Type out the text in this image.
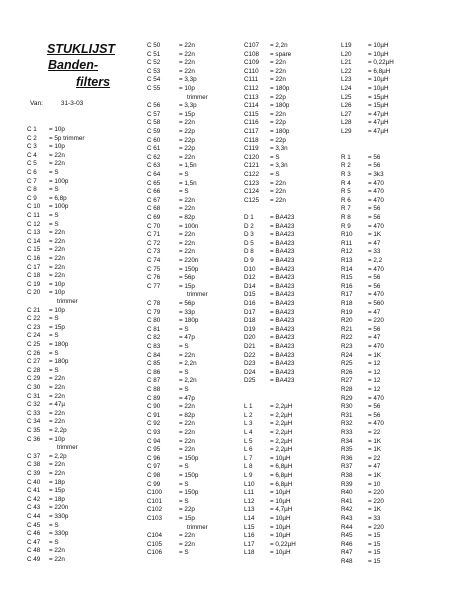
STUKLIJST
Banden-
filters
Van:	31-3-03
C 1 = 10p
C 2 = 5p trimmer
C 3 = 10p
C 4 = 22n
C 5 = 22n
C 6 = S
C 7 = 100p
C 8 = S
C 9 = 6,8p
C 10 = 100p
C 11 = S
C 12 = S
C 13 = 22n
C 14 = 22n
C 15 = 22n
C 16 = 22n
C 17 = 22n
C 18 = 22n
C 19 = 10p
C 20 = 10p
trimmer
C 21 = 10p
C 22 = S
C 23 = 15p
C 24 = S
C 25 = 180p
C 26 = S
C 27 = 180p
C 28 = S
C 29 = 22n
C 30 = 22n
C 31 = 22n
C 32 = 47µ
C 33 = 22n
C 34 = 22n
C 35 = 2,2p
C 36 = 10p
trimmer
C 37 = 2,2p
C 38 = 22n
C 39 = 22n
C 40 = 18p
C 41 = 15p
C 42 = 18p
C 43 = 220n
C 44 = 330p
C 45 = S
C 46 = 330p
C 47 = S
C 48 = 22n
C 49 = 22n
C 50	= 22n
C 51	= 22n
C 52	= 22n
C 53	= 22n
C 54	= 3,3p
C 55	= 10p
trimmer
C 56	= 3,3p
C 57	= 15p
C 58	= 22n
C 59	= 22p
C 60	= 22p
C 61	= 22p
C 62	= 22n
C 63	= 1,5n
C 64	= S
C 65	= 1,5n
C 66	= S
C 67	= 22n
C 68	= 22n
C 69	= 82p
C 70	= 100n
C 71	= 22n
C 72	= 22n
C 73	= 22n
C 74	= 220n
C 75	= 150p
C 76	= 56p
C 77	= 15p
trimmer
C 78	= 56p
C 79	= 33p
C 80	= 180p
C 81	= S
C 82	= 47p
C 83	= S
C 84	= 22n
C 85	= 2,2n
C 86	= S
C 87	= 2,2n
C 88	= S
C 89	= 47p
C 90	= 22n
C 91	= 82p
C 92	= 22n
C 93	= 22n
C 94	= 22n
C 95	= 22n
C 96	= 150p
C 97	= S
C 98	= 150p
C 99	= S
C100	= 150p
C101	= S
C102	= 22p
C103	= 15p
trimmer
C104	= 22n
C105	= 22n
C106	= S
C107 = 2,2n
C108 = spare
C109 = 22n
C110 = 22n
C111 = 22n
C112 = 180p
C113 = 22p
C114 = 180p
C115 = 22n
C116 = 22p
C117 = 180p
C118 = 22p
C119 = 3,3n
C120 = S
C121 = 3,3n
C122 = S
C123 = 22n
C124 = 22n
C125 = 22n
D 1	= BA423
D 2	= BA423
D 3	= BA423
D 5	= BA423
D 8	= BA423
D 9	= BA423
D10 = BA423
D12 = BA423
D14 = BA423
D15 = BA423
D16 = BA423
D17 = BA423
D18 = BA423
D19 = BA423
D20 = BA423
D21 = BA423
D22 = BA423
D23 = BA423
D24 = BA423
D25 = BA423
L 1	= 2,2µH
L 2	= 2,2µH
L 3	= 2,2µH
L 4	= 2,2µH
L 5	= 2,2µH
L 6	= 2,2µH
L 7	= 10µH
L 8	= 6,8µH
L 9	= 6,8µH
L10 = 6,8µH
L11	= 10µH
L12 = 10µH
L13 = 4,7µH
L14 = 10µH
L15 = 10µH
L16 = 10µH
L17 = 0,22µH
L18 = 10µH
L19	= 10µH
L20	= 10µH
L21	= 0,22µH
L22	= 6,8µH
L23	= 10µH
L24	= 10µH
L25	= 15µH
L26	= 15µH
L27	= 47µH
L28	= 47µH
L29	= 47µH
R 1	= 56
R 2	= 56
R 3	= 3k3
R 4	= 470
R 5	= 470
R 6	= 470
R 7	= 56
R 8	= 56
R 9	= 470
R10 = 1K
R11	= 47
R12 = 33
R13 = 2,2
R14 = 470
R15 = 56
R16 = 56
R17 = 470
R18 = 560
R19 = 47
R20 = 220
R21 = 56
R22 = 47
R23 = 470
R24 = 1K
R25 = 12
R26 = 12
R27 = 12
R28 = 12
R29 = 470
R30 = 56
R31 = 56
R32 = 470
R33 = 22
R34 = 1K
R35 = 1K
R36 = 22
R37 = 47
R38 = 1K
R39 = 10
R40 = 220
R41 = 220
R42 = 1K
R43 = 33
R44 = 220
R45 = 15
R46 = 15
R47 = 15
R48 = 15
